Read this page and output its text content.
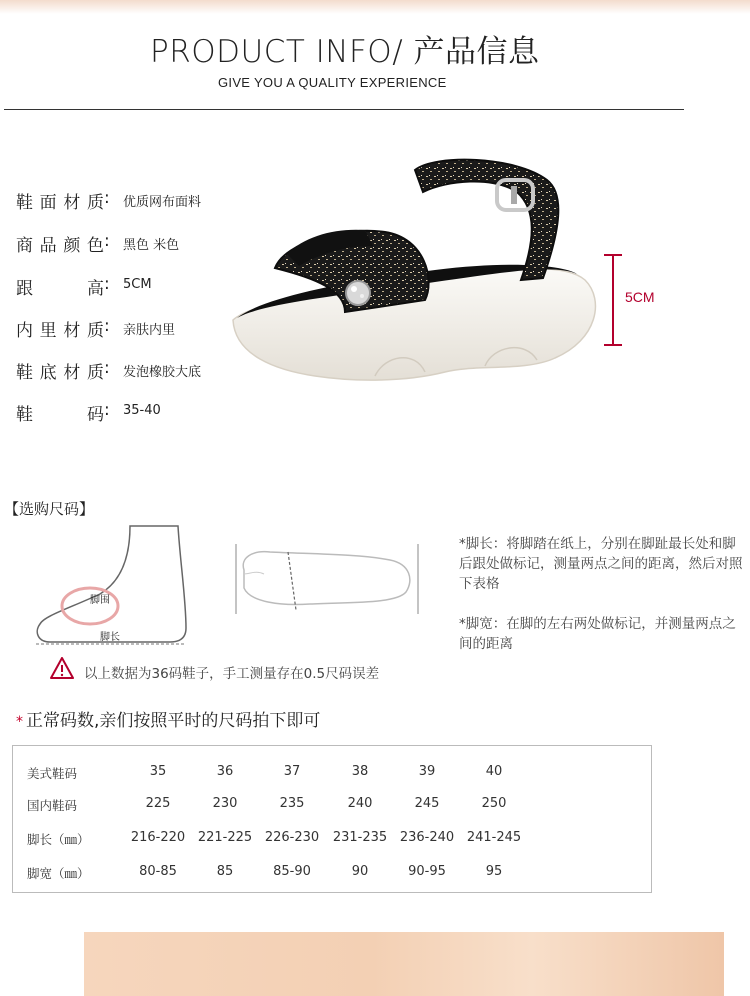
PRODUCT INFO/ 产品信息
GIVE YOU A QUALITY EXPERIENCE
鞋面材质 : 优质网布面料
商品颜色 : 黑色 米色
跟高 : 5CM
内里材质 : 亲肤内里
鞋底材质 : 发泡橡胶大底
鞋码 : 35-40
5CM
【选购尺码】
脚围
脚长
*脚长：将脚踏在纸上，分别在脚趾最长处和脚后跟处做标记，测量两点之间的距离，然后对照下表格
*脚宽：在脚的左右两处做标记，并测量两点之间的距离
以上数据为36码鞋子，手工测量存在0.5尺码误差
* 正常码数,亲们按照平时的尺码拍下即可
美式鞋码	35	36	37	38	39	40
国内鞋码	225	230	235	240	245	250
脚长（㎜）	216-220 221-225 226-230	231-235 236-240 241-245
脚宽（㎜）	80-85	85	85-90	90	90-95	95
